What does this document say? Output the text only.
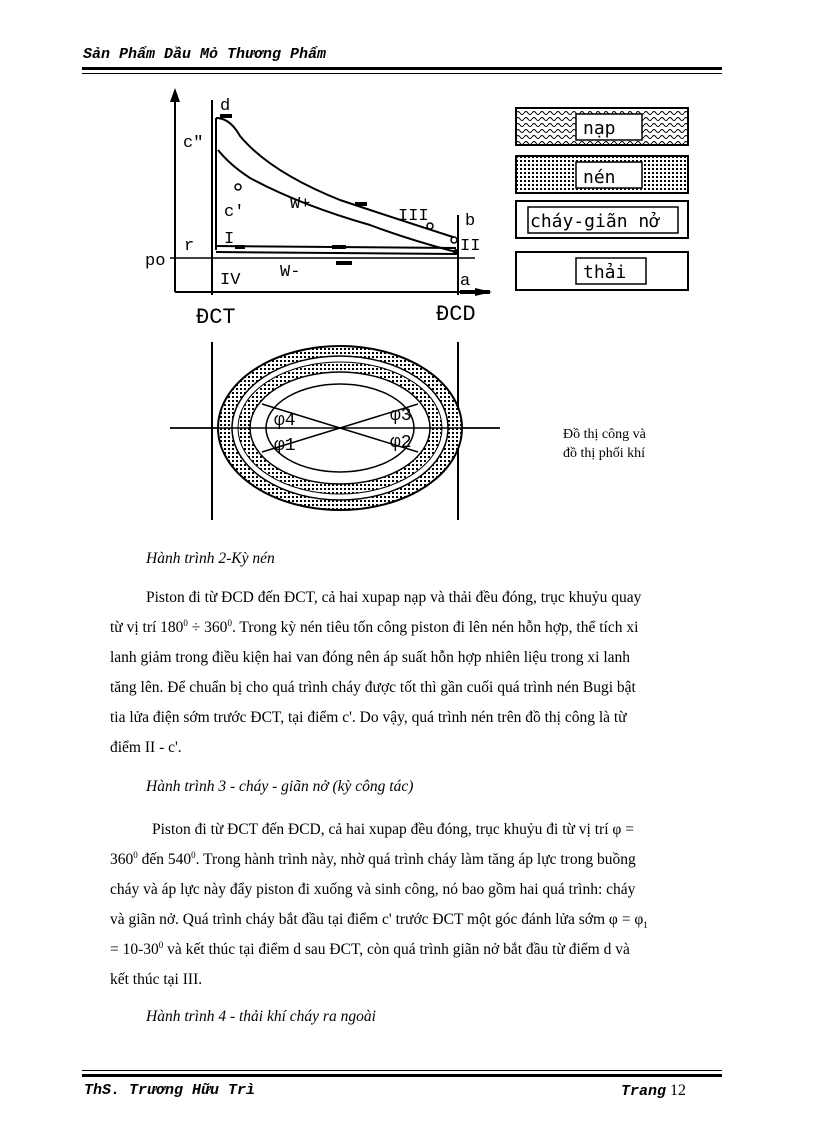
Sản Phẩm Dầu Mỏ Thương Phẩm
d
c"
c'	W+
III b
r I	II
po
IV W-	a
ĐCT	ĐCD
nạp
nén
cháy-giãn nở
thải
φ4
φ1
φ3
φ2	Đồ thị công và
đồ thị phối khí
Hành trình 2-Kỳ nén
Piston đi từ ĐCD đến ĐCT, cả hai xupap nạp và thải đều đóng, trục khuỷu quay
từ vị trí $180^0 \div 360^0$. Trong kỳ nén tiêu tốn công piston đi lên nén hỗn hợp, thể tích xi
lanh giảm trong điều kiện hai van đóng nên áp suất hỗn hợp nhiên liệu trong xi lanh
tăng lên. Để chuẩn bị cho quá trình cháy được tốt thì gần cuối quá trình nén Bugi bật
tia lửa điện sớm trước ĐCT, tại điểm c'. Do vậy, quá trình nén trên đồ thị công là từ
điểm II - c'.
Hành trình 3 - cháy - giãn nở (kỳ công tác)
Piston đi từ ĐCT đến ĐCD, cả hai xupap đều đóng, trục khuỷu đi từ vị trí φ =
$360^0$ đến $540^0$. Trong hành trình này, nhờ quá trình cháy làm tăng áp lực trong buồng
cháy và áp lực này đẩy piston đi xuống và sinh công, nó bao gồm hai quá trình: cháy
và giãn nở. Quá trình cháy bắt đầu tại điểm c' trước ĐCT một góc đánh lửa sớm $\varphi = \varphi_1$
= $10-30^0$ và kết thúc tại điểm d sau ĐCT, còn quá trình giãn nở bắt đầu từ điểm d và
kết thúc tại III.
Hành trình 4 - thải khí cháy ra ngoài
ThS. Trương Hữu Trì	Trang 12
